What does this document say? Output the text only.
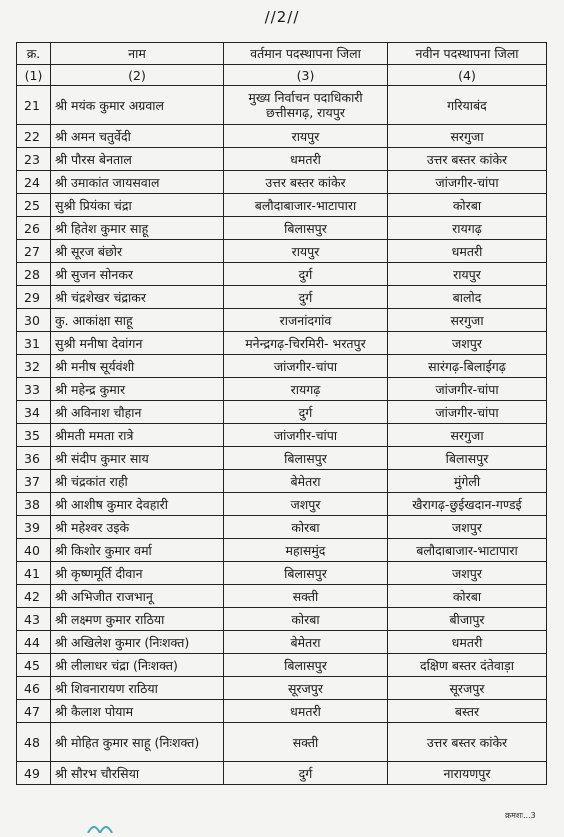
//2//
क्र.	नाम	वर्तमान पदस्थापना जिला	नवीन पदस्थापना जिला
(1)	(2)	(3)	(4)
21	श्री मयंक कुमार अग्रवाल	मुख्य निर्वाचन पदाधिकारी छत्तीसगढ़, रायपुर	गरियाबंद
22	श्री अमन चतुर्वेदी	रायपुर	सरगुजा
23	श्री पौरस बेनताल	धमतरी	उत्तर बस्तर कांकेर
24	श्री उमाकांत जायसवाल	उत्तर बस्तर कांकेर	जांजगीर-चांपा
25	सुश्री प्रियंका चंद्रा	बलौदाबाजार-भाटापारा	कोरबा
26	श्री हितेश कुमार साहू	बिलासपुर	रायगढ़
27	श्री सूरज बंछोर	रायपुर	धमतरी
28	श्री सुजन सोनकर	दुर्ग	रायपुर
29	श्री चंद्रशेखर चंद्राकर	दुर्ग	बालोद
30	कु. आकांक्षा साहू	राजनांदगांव	सरगुजा
31	सुश्री मनीषा देवांगन	मनेन्द्रगढ़-चिरमिरी- भरतपुर	जशपुर
32	श्री मनीष सूर्यवंशी	जांजगीर-चांपा	सारंगढ़-बिलाईगढ़
33	श्री महेन्द्र कुमार	रायगढ़	जांजगीर-चांपा
34	श्री अविनाश चौहान	दुर्ग	जांजगीर-चांपा
35	श्रीमती ममता रात्रे	जांजगीर-चांपा	सरगुजा
36	श्री संदीप कुमार साय	बिलासपुर	बिलासपुर
37	श्री चंद्रकांत राही	बेमेतरा	मुंगेली
38	श्री आशीष कुमार देवहारी	जशपुर	खैरागढ़-छुईखदान-गण्डई
39	श्री महेश्वर उइके	कोरबा	जशपुर
40	श्री किशोर कुमार वर्मा	महासमुंद	बलौदाबाजार-भाटापारा
41	श्री कृष्णमूर्ति दीवान	बिलासपुर	जशपुर
42	श्री अभिजीत राजभानू	सक्ती	कोरबा
43	श्री लक्ष्मण कुमार राठिया	कोरबा	बीजापुर
44	श्री अखिलेश कुमार (निःशक्त)	बेमेतरा	धमतरी
45	श्री लीलाधर चंद्रा (निःशक्त)	बिलासपुर	दक्षिण बस्तर दंतेवाड़ा
46	श्री शिवनारायण राठिया	सूरजपुर	सूरजपुर
47	श्री कैलाश पोयाम	धमतरी	बस्तर
48	श्री मोहित कुमार साहू (निःशक्त)	सक्ती	उत्तर बस्तर कांकेर
49	श्री सौरभ चौरसिया	दुर्ग	नारायणपुर
क्रमशः...3
